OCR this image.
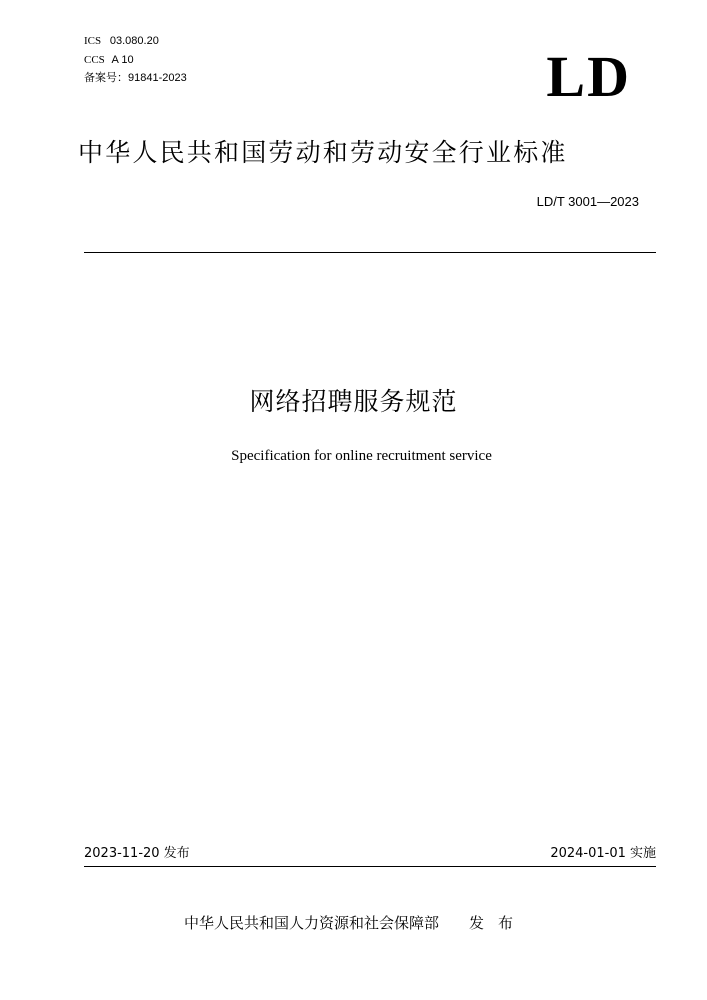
ICS 03.080.20
CCS A 10
备案号：91841-2023	LD
中华人民共和国劳动和劳动安全行业标准
LD/T 3001—2023
网络招聘服务规范
Specification for online recruitment service
2023-11-20 发布	2024-01-01 实施
中华人民共和国人力资源和社会保障部 发布
